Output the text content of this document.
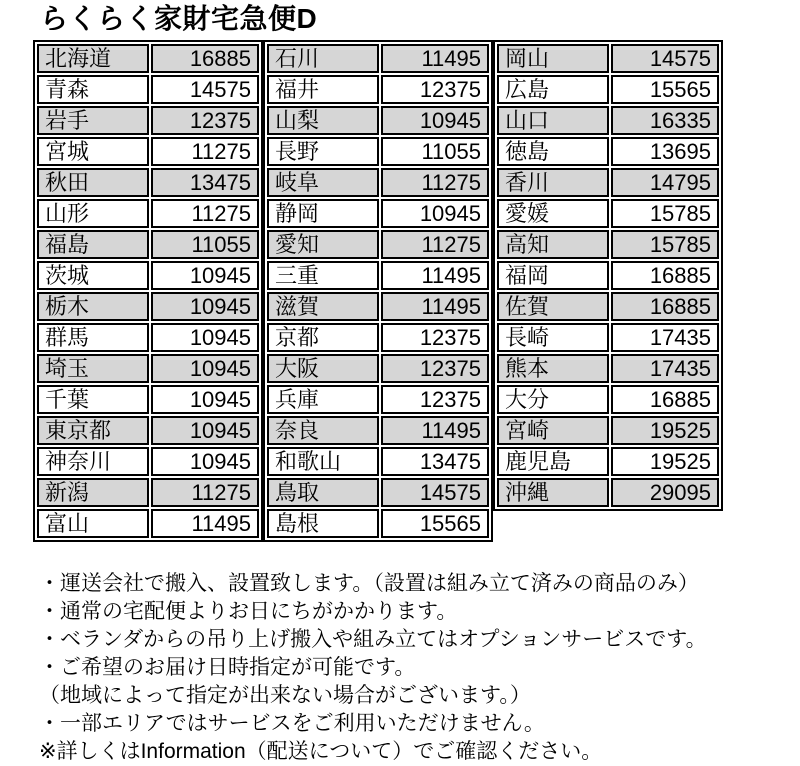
らくらく家財宅急便D
北海道	16885
青森	14575
岩手	12375
宮城	11275
秋田	13475
山形	11275
福島	11055
茨城	10945
栃木	10945
群馬	10945
埼玉	10945
千葉	10945
東京都	10945
神奈川	10945
新潟	11275
富山	11495
石川	11495
福井	12375
山梨	10945
長野	11055
岐阜	11275
静岡	10945
愛知	11275
三重	11495
滋賀	11495
京都	12375
大阪	12375
兵庫	12375
奈良	11495
和歌山	13475
鳥取	14575
島根	15565
岡山	14575
広島	15565
山口	16335
徳島	13695
香川	14795
愛媛	15785
高知	15785
福岡	16885
佐賀	16885
長崎	17435
熊本	17435
大分	16885
宮崎	19525
鹿児島	19525
沖縄	29095
・運送会社で搬入、設置致します。（設置は組み立て済みの商品のみ）
・通常の宅配便よりお日にちがかかります。
・ベランダからの吊り上げ搬入や組み立てはオプションサービスです。
・ご希望のお届け日時指定が可能です。
（地域によって指定が出来ない場合がございます。）
・一部エリアではサービスをご利用いただけません。
※詳しくはInformation（配送について）でご確認ください。
